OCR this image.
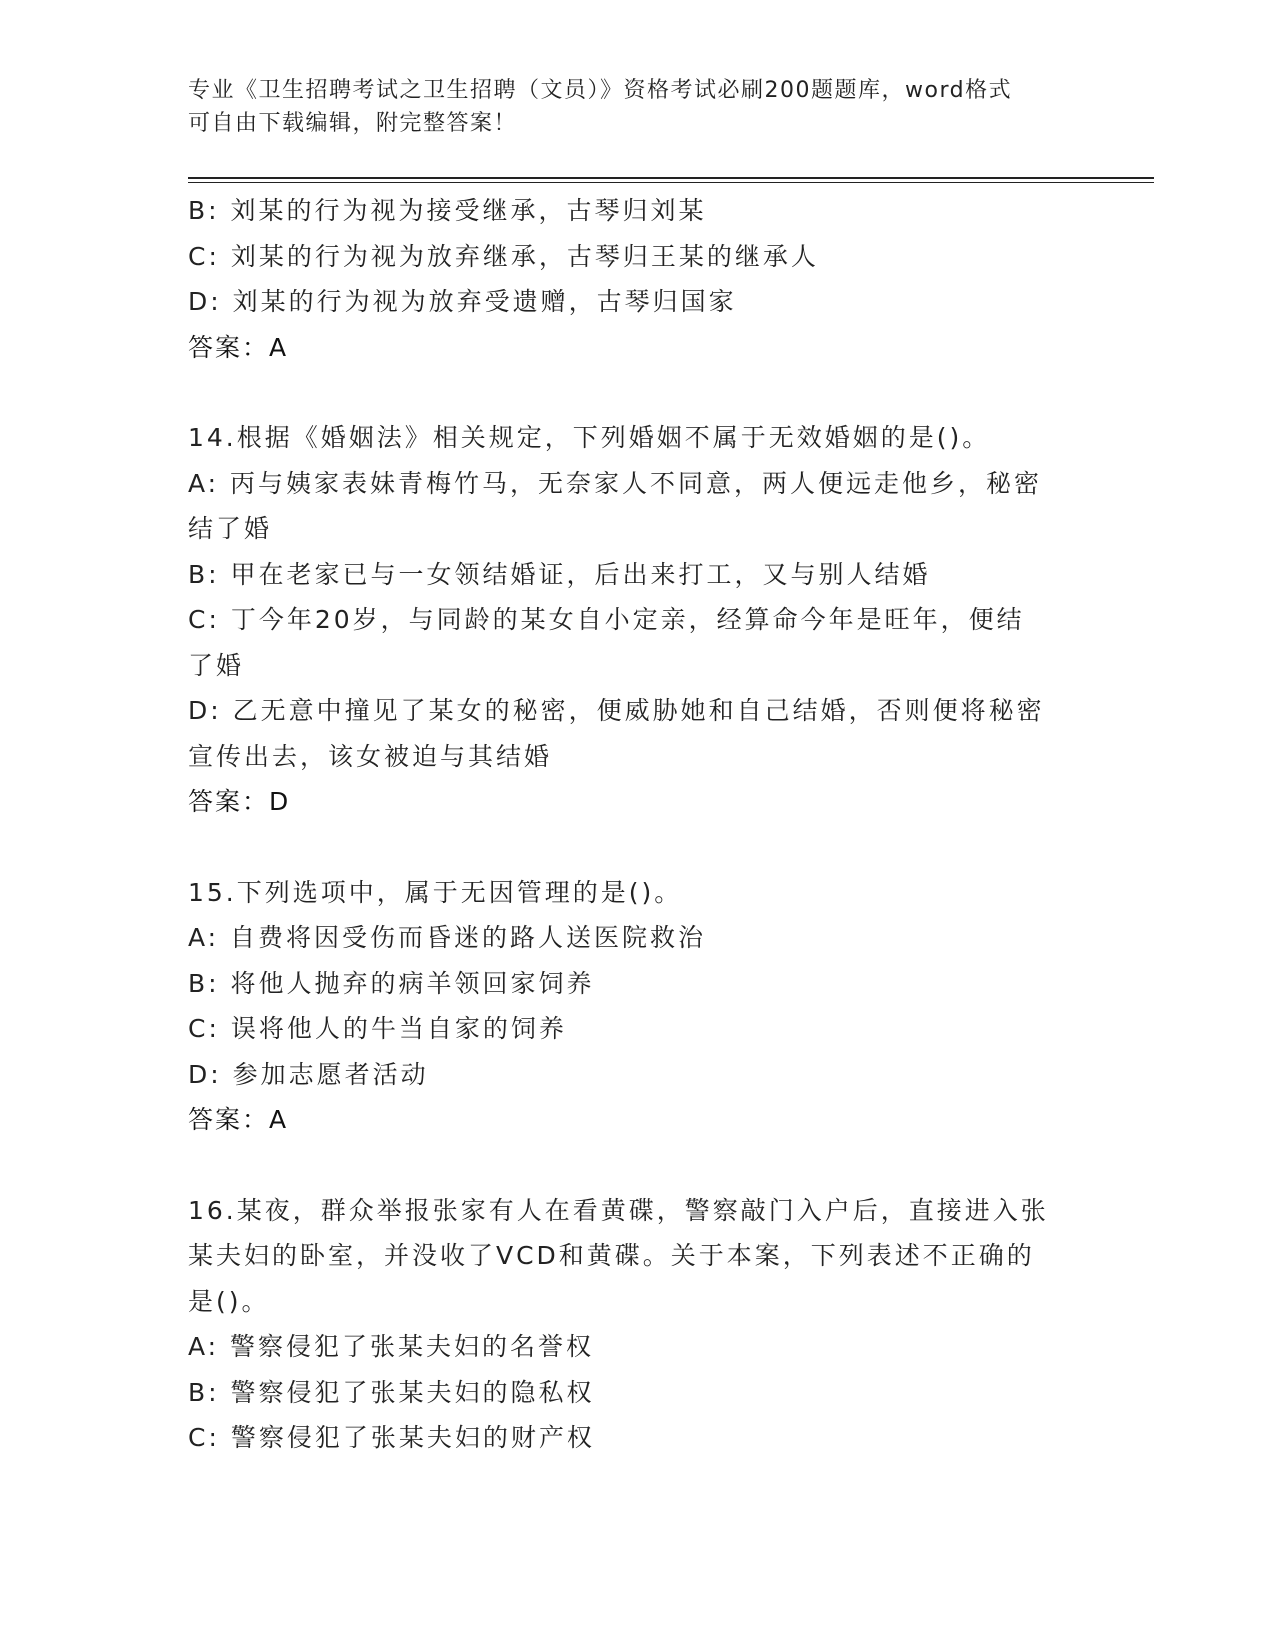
专业《卫生招聘考试之卫生招聘（文员）》资格考试必刷200题题库，word格式
可自由下载编辑，附完整答案！
B: 刘某的行为视为接受继承，古琴归刘某
C: 刘某的行为视为放弃继承，古琴归王某的继承人
D: 刘某的行为视为放弃受遗赠，古琴归国家
答案：A
14.根据《婚姻法》相关规定，下列婚姻不属于无效婚姻的是()。
A: 丙与姨家表妹青梅竹马，无奈家人不同意，两人便远走他乡，秘密
结了婚
B: 甲在老家已与一女领结婚证，后出来打工，又与别人结婚
C: 丁今年20岁，与同龄的某女自小定亲，经算命今年是旺年，便结
了婚
D: 乙无意中撞见了某女的秘密，便威胁她和自己结婚，否则便将秘密
宣传出去，该女被迫与其结婚
答案：D
15.下列选项中，属于无因管理的是()。
A: 自费将因受伤而昏迷的路人送医院救治
B: 将他人抛弃的病羊领回家饲养
C: 误将他人的牛当自家的饲养
D: 参加志愿者活动
答案：A
16.某夜，群众举报张家有人在看黄碟，警察敲门入户后，直接进入张
某夫妇的卧室，并没收了VCD和黄碟。关于本案，下列表述不正确的
是()。
A: 警察侵犯了张某夫妇的名誉权
B: 警察侵犯了张某夫妇的隐私权
C: 警察侵犯了张某夫妇的财产权
